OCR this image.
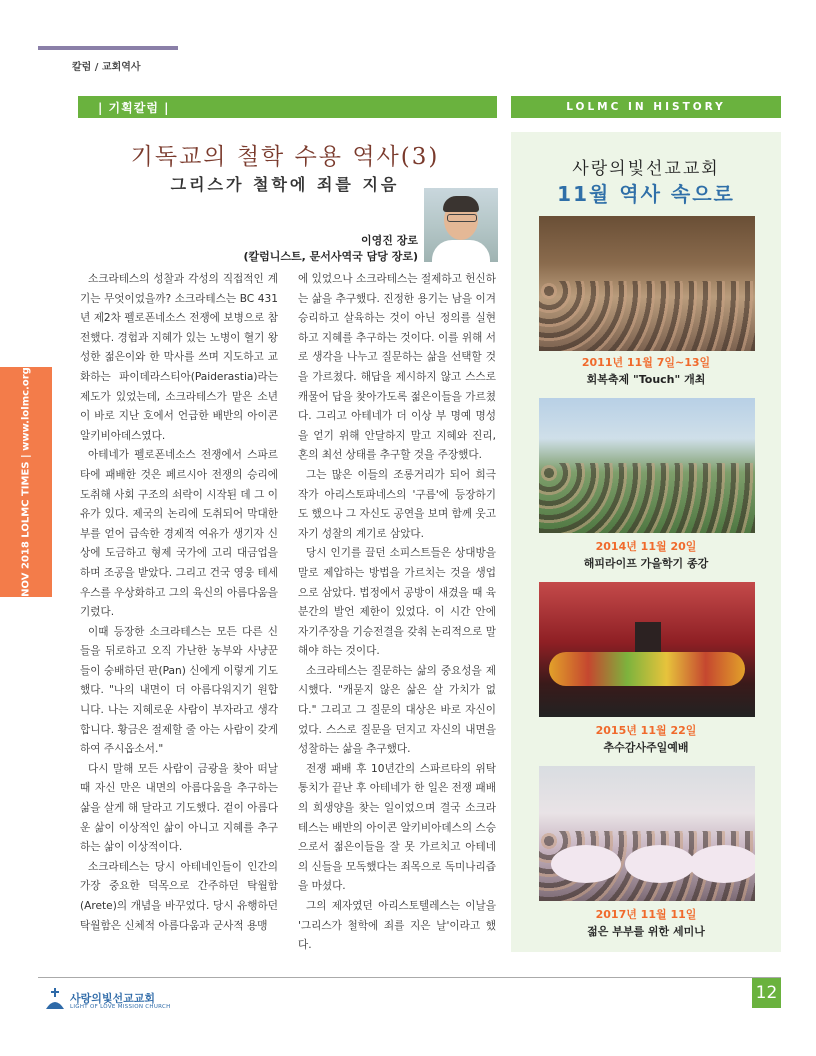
칼럼 / 교회역사
| 기획칼럼 |	LOLMC IN HISTORY
기독교의 철학 수용 역사(3)
그리스가 철학에 죄를 지음
이영진 장로
(칼럼니스트, 문서사역국 담당 장로)

소크라테스의 성찰과 각성의 직접적인 계기는 무엇이었을까? 소크라테스는 BC 431년 제2차 펠로폰네소스 전쟁에 보병으로 참전했다. 경험과 지혜가 있는 노병이 혈기 왕성한 젊은이와 한 막사를 쓰며 지도하고 교화하는 파이데라스티아(Paiderastia)라는 제도가 있었는데, 소크라테스가 맡은 소년이 바로 지난 호에서 언급한 배반의 아이콘 알키비아데스였다.

아테네가 펠로폰네소스 전쟁에서 스파르타에 패배한 것은 페르시아 전쟁의 승리에 도취해 사회 구조의 쇠락이 시작된 데 그 이유가 있다. 제국의 논리에 도취되어 막대한 부를 얻어 급속한 경제적 여유가 생기자 신상에 도금하고 형제 국가에 고리 대금업을 하며 조공을 받았다. 그리고 건국 영웅 테세우스를 우상화하고 그의 육신의 아름다움을 기렸다.

이때 등장한 소크라테스는 모든 다른 신들을 뒤로하고 오직 가난한 농부와 사냥꾼들이 숭배하던 판(Pan) 신에게 이렇게 기도했다. "나의 내면이 더 아름다워지기 원합니다. 나는 지혜로운 사람이 부자라고 생각합니다. 황금은 절제할 줄 아는 사람이 갖게 하여 주시옵소서."

다시 말해 모든 사람이 금광을 찾아 떠날 때 자신 만은 내면의 아름다움을 추구하는 삶을 살게 해 달라고 기도했다. 겉이 아름다운 삶이 이상적인 삶이 아니고 지혜를 추구하는 삶이 이상적이다.

소크라테스는 당시 아테네인들이 인간의 가장 중요한 덕목으로 간주하던 탁월함(Arete)의 개념을 바꾸었다. 당시 유행하던 탁월함은 신체적 아름다움과 군사적 용맹

에 있었으나 소크라테스는 절제하고 헌신하는 삶을 추구했다. 진정한 용기는 남을 이겨 승리하고 살육하는 것이 아닌 정의를 실현하고 지혜를 추구하는 것이다. 이를 위해 서로 생각을 나누고 질문하는 삶을 선택할 것을 가르쳤다. 해답을 제시하지 않고 스스로 캐물어 답을 찾아가도록 젊은이들을 가르쳤다. 그리고 아테네가 더 이상 부 명예 명성을 얻기 위해 안달하지 말고 지혜와 진리, 혼의 최선 상태를 추구할 것을 주장했다.

그는 많은 이들의 조롱거리가 되어 희극작가 아리스토파네스의 '구름'에 등장하기도 했으나 그 자신도 공연을 보며 함께 웃고 자기 성찰의 계기로 삼았다.

당시 인기를 끌던 소피스트들은 상대방을 말로 제압하는 방법을 가르치는 것을 생업으로 삼았다. 법정에서 공방이 새겼을 때 육분간의 발언 제한이 있었다. 이 시간 안에 자기주장을 기승전결을 갖춰 논리적으로 말해야 하는 것이다.

소크라테스는 질문하는 삶의 중요성을 제시했다. "캐묻지 않은 삶은 살 가치가 없다." 그리고 그 질문의 대상은 바로 자신이었다. 스스로 질문을 던지고 자신의 내면을 성찰하는 삶을 추구했다.

전쟁 패배 후 10년간의 스파르타의 위탁 통치가 끝난 후 아테네가 한 일은 전쟁 패배의 희생양을 찾는 일이었으며 결국 소크라테스는 배반의 아이콘 알키비아데스의 스승으로서 젊은이들을 잘 못 가르치고 아테네의 신들을 모독했다는 죄목으로 독미나리즙을 마셨다.

그의 제자였던 아리스토텔레스는 이날을 '그리스가 철학에 죄를 지은 날'이라고 했다.

NOV 2018 LOLMC TIMES | www.lolmc.org
사랑의빛선교교회
11월 역사 속으로
2011년 11월 7일~13일
회복축제 "Touch" 개최
2014년 11월 20일
해피라이프 가을학기 종강
2015년 11월 22일
추수감사주일예배
2017년 11월 11일
젊은 부부를 위한 세미나
사랑의빛선교교회
LIGHT OF LOVE MISSION CHURCH
12
